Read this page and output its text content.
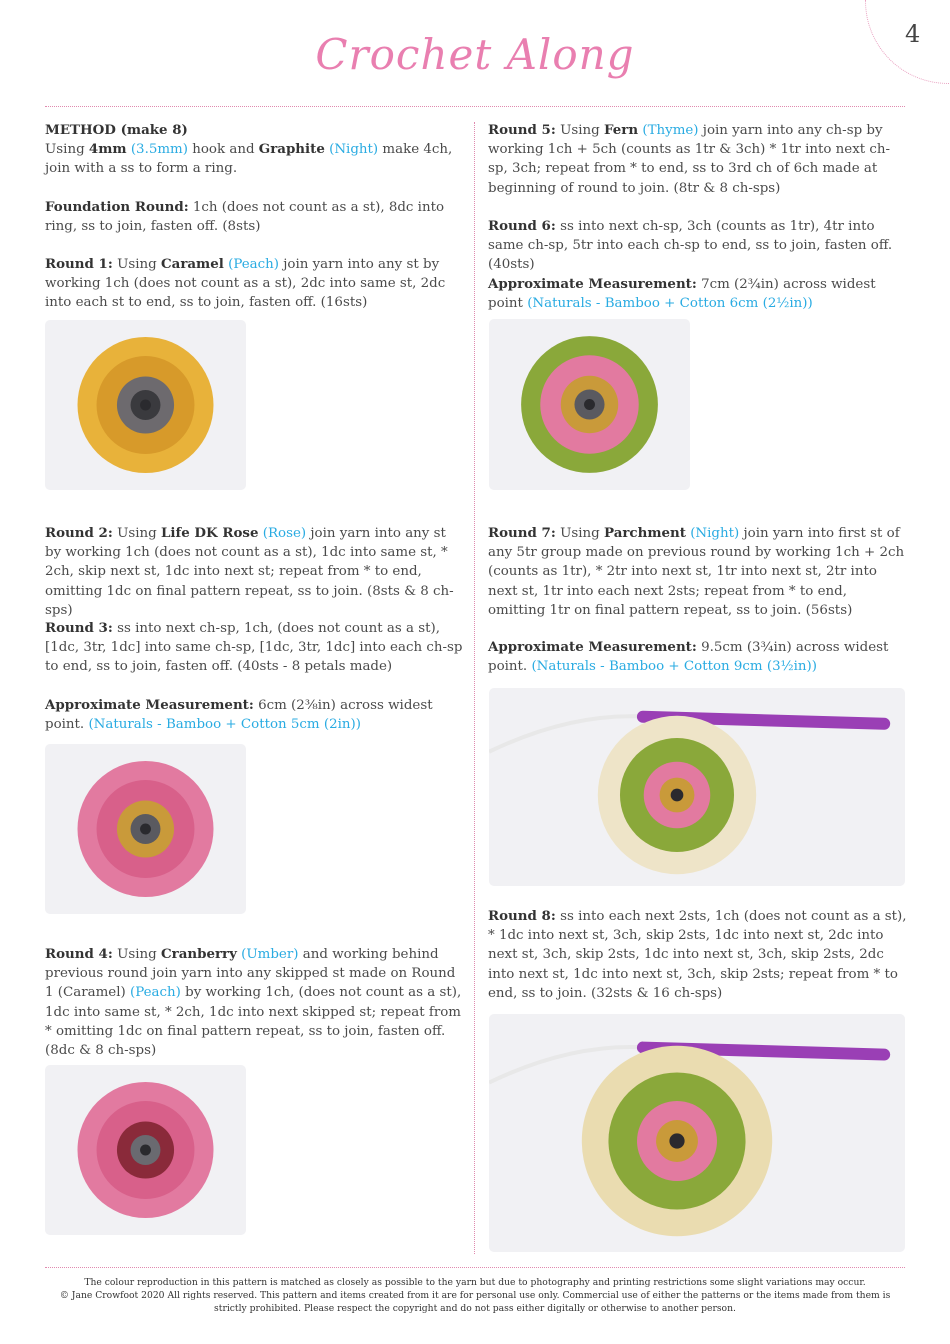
Crochet Along	4

METHOD (make 8)
Using 4mm (3.5mm) hook and Graphite (Night) make 4ch, join with a ss to form a ring.

Foundation Round: 1ch (does not count as a st), 8dc into ring, ss to join, fasten off. (8sts)

Round 1: Using Caramel (Peach) join yarn into any st by working 1ch (does not count as a st), 2dc into same st, 2dc into each st to end, ss to join, fasten off. (16sts)

Round 2: Using Life DK Rose (Rose) join yarn into any st by working 1ch (does not count as a st), 1dc into same st, * 2ch, skip next st, 1dc into next st; repeat from * to end, omitting 1dc on final pattern repeat, ss to join. (8sts & 8 ch-sps)

Round 3: ss into next ch-sp, 1ch, (does not count as a st), [1dc, 3tr, 1dc] into same ch-sp, [1dc, 3tr, 1dc] into each ch-sp to end, ss to join, fasten off. (40sts - 8 petals made)

Approximate Measurement: 6cm (2⅜in) across widest point. (Naturals - Bamboo + Cotton 5cm (2in))

Round 4: Using Cranberry (Umber) and working behind previous round join yarn into any skipped st made on Round 1 (Caramel) (Peach) by working 1ch, (does not count as a st), 1dc into same st, * 2ch, 1dc into next skipped st; repeat from * omitting 1dc on final pattern repeat, ss to join, fasten off. (8dc & 8 ch-sps)

Round 5: Using Fern (Thyme) join yarn into any ch-sp by working 1ch + 5ch (counts as 1tr & 3ch) * 1tr into next ch-sp, 3ch; repeat from * to end, ss to 3rd ch of 6ch made at beginning of round to join. (8tr & 8 ch-sps)

Round 6: ss into next ch-sp, 3ch (counts as 1tr), 4tr into same ch-sp, 5tr into each ch-sp to end, ss to join, fasten off. (40sts)

Approximate Measurement: 7cm (2¾in) across widest point (Naturals - Bamboo + Cotton 6cm (2½in))

Round 7: Using Parchment (Night) join yarn into first st of any 5tr group made on previous round by working 1ch + 2ch (counts as 1tr), * 2tr into next st, 1tr into next st, 2tr into next st, 1tr into each next 2sts; repeat from * to end, omitting 1tr on final pattern repeat, ss to join. (56sts)

Approximate Measurement: 9.5cm (3¾in) across widest point. (Naturals - Bamboo + Cotton 9cm (3½in))

Round 8: ss into each next 2sts, 1ch (does not count as a st), * 1dc into next st, 3ch, skip 2sts, 1dc into next st, 2dc into next st, 3ch, skip 2sts, 1dc into next st, 3ch, skip 2sts, 2dc into next st, 1dc into next st, 3ch, skip 2sts; repeat from * to end, ss to join. (32sts & 16 ch-sps)

The colour reproduction in this pattern is matched as closely as possible to the yarn but due to photography and printing restrictions some slight variations may occur.
© Jane Crowfoot 2020 All rights reserved. This pattern and items created from it are for personal use only. Commercial use of either the patterns or the items made from them is strictly prohibited. Please respect the copyright and do not pass either digitally or otherwise to another person.
